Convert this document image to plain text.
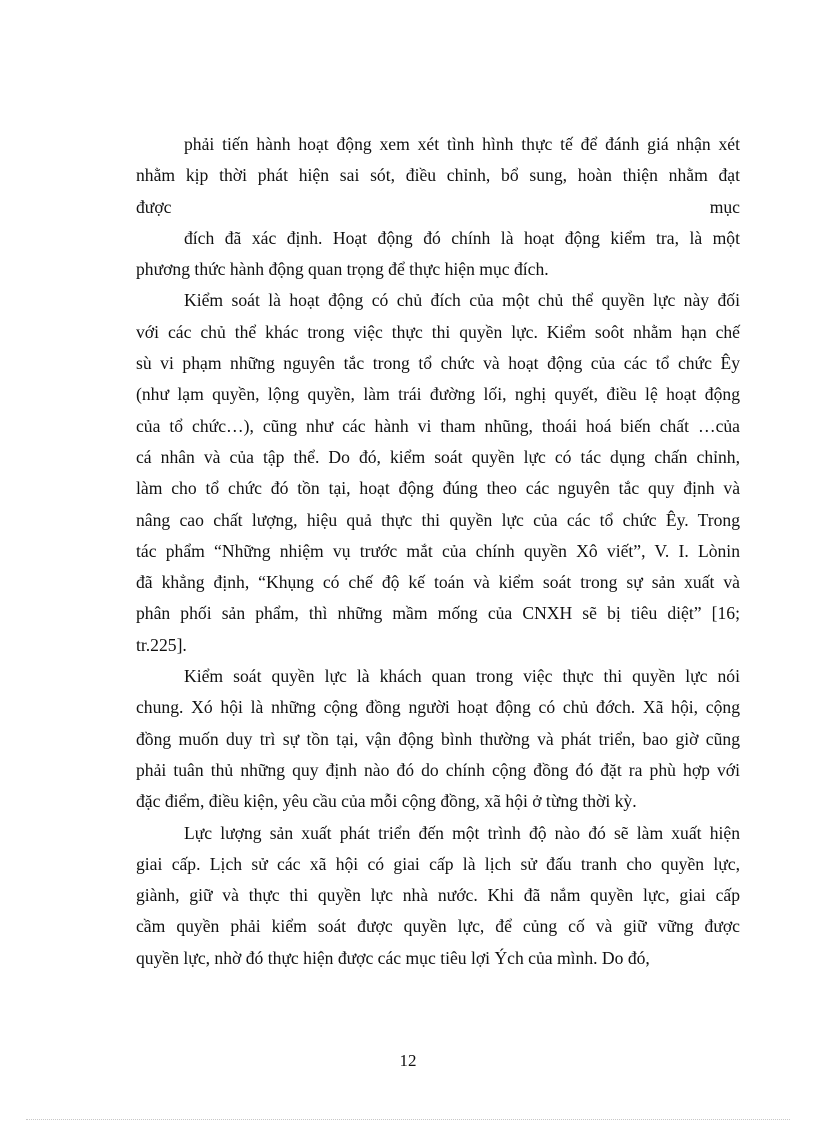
phải tiến hành hoạt động xem xét tình hình thực tế để đánh giá nhận xét
nhằm kịp thời phát hiện sai sót, điều chỉnh, bổ sung, hoàn thiện nhằm đạt
được	mục
đích đã xác định. Hoạt động đó chính là hoạt động kiểm tra, là một
phương thức hành động quan trọng để thực hiện mục đích.
Kiểm soát là hoạt động có chủ đích của một chủ thể quyền lực này đối
với các chủ thể khác trong việc thực thi quyền lực. Kiểm soôt nhằm hạn chế
sù vi phạm những nguyên tắc trong tổ chức và hoạt động của các tổ chức Êy
(như lạm quyền, lộng quyền, làm trái đường lối, nghị quyết, điều lệ hoạt động
của tổ chức…), cũng như các hành vi tham nhũng, thoái hoá biến chất …của
cá nhân và của tập thể. Do đó, kiểm soát quyền lực có tác dụng chấn chỉnh,
làm cho tổ chức đó tồn tại, hoạt động đúng theo các nguyên tắc quy định và
nâng cao chất lượng, hiệu quả thực thi quyền lực của các tổ chức Êy. Trong
tác phẩm “Những nhiệm vụ trước mắt của chính quyền Xô viết”, V. I. Lònin
đã khẳng định, “Khụng có chế độ kế toán và kiểm soát trong sự sản xuất và
phân phối sản phẩm, thì những mầm mống của CNXH sẽ bị tiêu diệt” [16;
tr.225].
Kiểm soát quyền lực là khách quan trong việc thực thi quyền lực nói
chung. Xó hội là những cộng đồng người hoạt động có chủ đớch. Xã hội, cộng
đồng muốn duy trì sự tồn tại, vận động bình thường và phát triển, bao giờ cũng
phải tuân thủ những quy định nào đó do chính cộng đồng đó đặt ra phù hợp với
đặc điểm, điều kiện, yêu cầu của mỗi cộng đồng, xã hội ở từng thời kỳ.
Lực lượng sản xuất phát triển đến một trình độ nào đó sẽ làm xuất hiện
giai cấp. Lịch sử các xã hội có giai cấp là lịch sử đấu tranh cho quyền lực,
giành, giữ và thực thi quyền lực nhà nước. Khi đã nắm quyền lực, giai cấp
cầm quyền phải kiểm soát được quyền lực, để củng cố và giữ vững được
quyền lực, nhờ đó thực hiện được các mục tiêu lợi Ých của mình. Do đó,
12
